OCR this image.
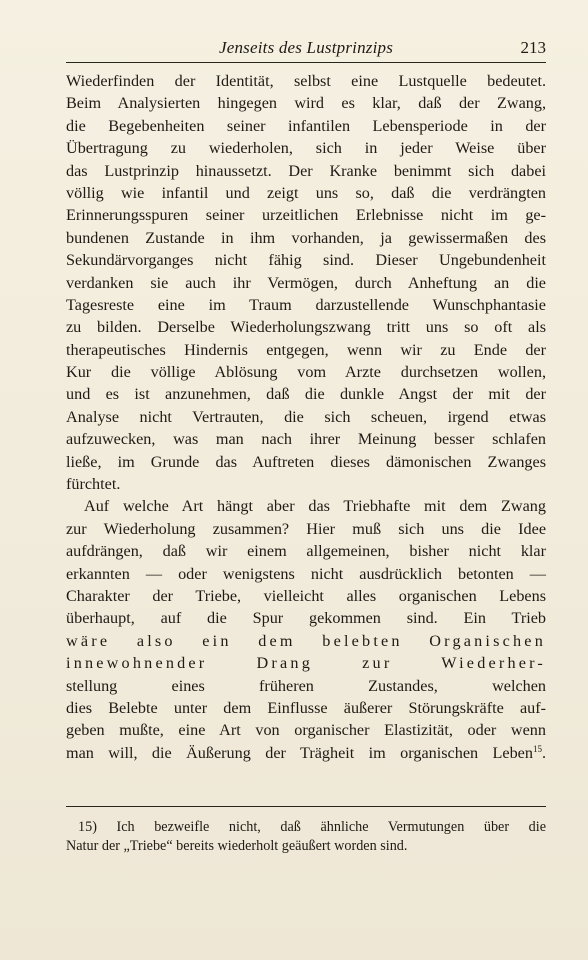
Jenseits des Lustprinzips	213
Wiederfinden der Identität, selbst eine Lustquelle bedeutet.
Beim Analysierten hingegen wird es klar, daß der Zwang,
die Begebenheiten seiner infantilen Lebensperiode in der
Übertragung zu wiederholen, sich in jeder Weise über
das Lustprinzip hinaussetzt. Der Kranke benimmt sich dabei
völlig wie infantil und zeigt uns so, daß die verdrängten
Erinnerungsspuren seiner urzeitlichen Erlebnisse nicht im ge-
bundenen Zustande in ihm vorhanden, ja gewissermaßen des
Sekundärvorganges nicht fähig sind. Dieser Ungebundenheit
verdanken sie auch ihr Vermögen, durch Anheftung an die
Tagesreste eine im Traum darzustellende Wunschphantasie
zu bilden. Derselbe Wiederholungszwang tritt uns so oft als
therapeutisches Hindernis entgegen, wenn wir zu Ende der
Kur die völlige Ablösung vom Arzte durchsetzen wollen,
und es ist anzunehmen, daß die dunkle Angst der mit der
Analyse nicht Vertrauten, die sich scheuen, irgend etwas
aufzuwecken, was man nach ihrer Meinung besser schlafen
ließe, im Grunde das Auftreten dieses dämonischen Zwanges
fürchtet.
Auf welche Art hängt aber das Triebhafte mit dem Zwang
zur Wiederholung zusammen? Hier muß sich uns die Idee
aufdrängen, daß wir einem allgemeinen, bisher nicht klar
erkannten — oder wenigstens nicht ausdrücklich betonten —
Charakter der Triebe, vielleicht alles organischen Lebens
überhaupt, auf die Spur gekommen sind. Ein Trieb
wäre also ein dem belebten Organischen
innewohnender Drang zur Wiederher-
stellung eines früheren Zustandes, welchen
dies Belebte unter dem Einflusse äußerer Störungskräfte auf-
geben mußte, eine Art von organischer Elastizität, oder wenn
man will, die Äußerung der Trägheit im organischen Leben$^{15}$.
15) Ich bezweifle nicht, daß ähnliche Vermutungen über die
Natur der „Triebe“ bereits wiederholt geäußert worden sind.
